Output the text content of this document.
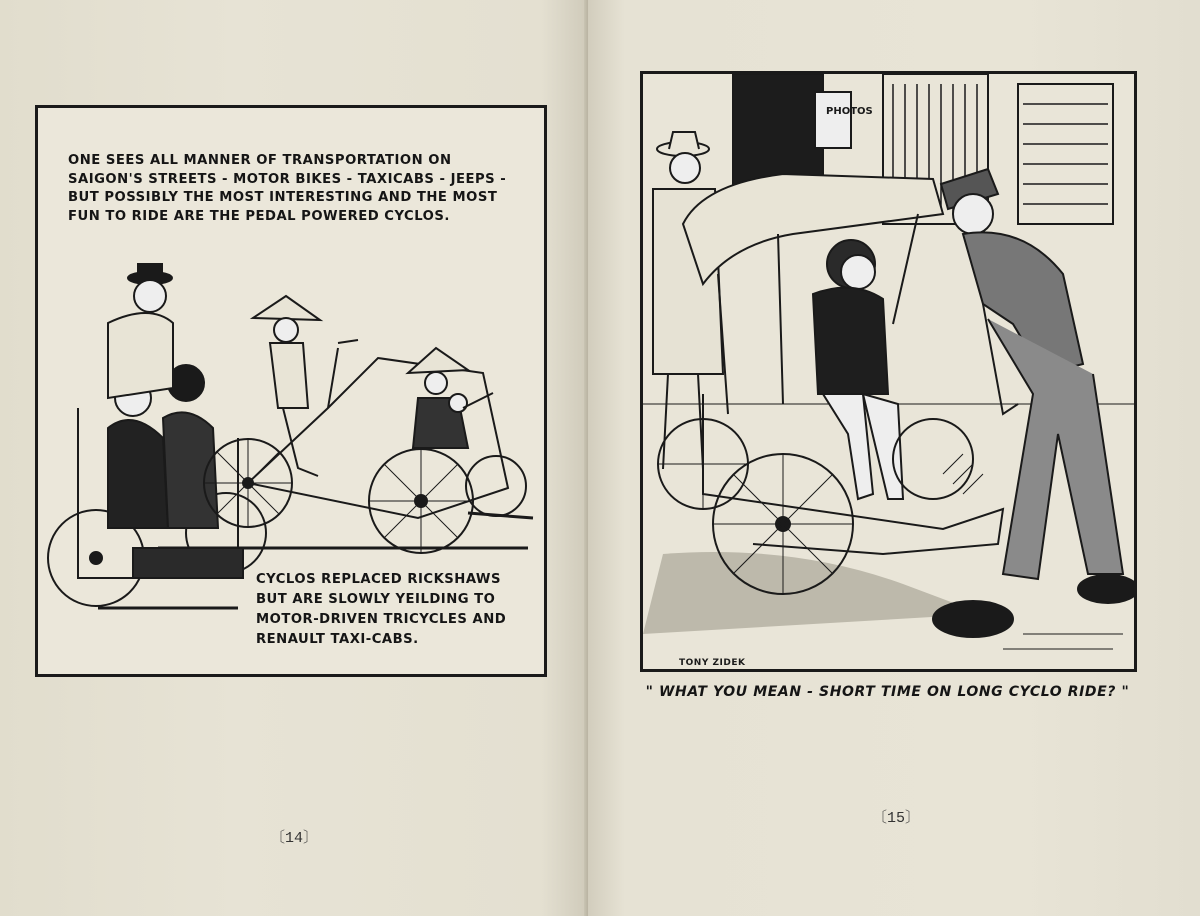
ONE SEES ALL MANNER OF TRANSPORTATION ON SAIGON'S STREETS - MOTOR BIKES - TAXICABS - JEEPS - BUT POSSIBLY THE MOST INTERESTING AND THE MOST FUN TO RIDE ARE THE PEDAL POWERED CYCLOS.

CYCLOS REPLACED RICKSHAWS BUT ARE SLOWLY YEILDING TO MOTOR-DRIVEN TRICYCLES AND RENAULT TAXI-CABS.

〔14〕
PHOTOS
TONY ZIDEK

" WHAT YOU MEAN - SHORT TIME ON LONG CYCLO RIDE? "

〔15〕
